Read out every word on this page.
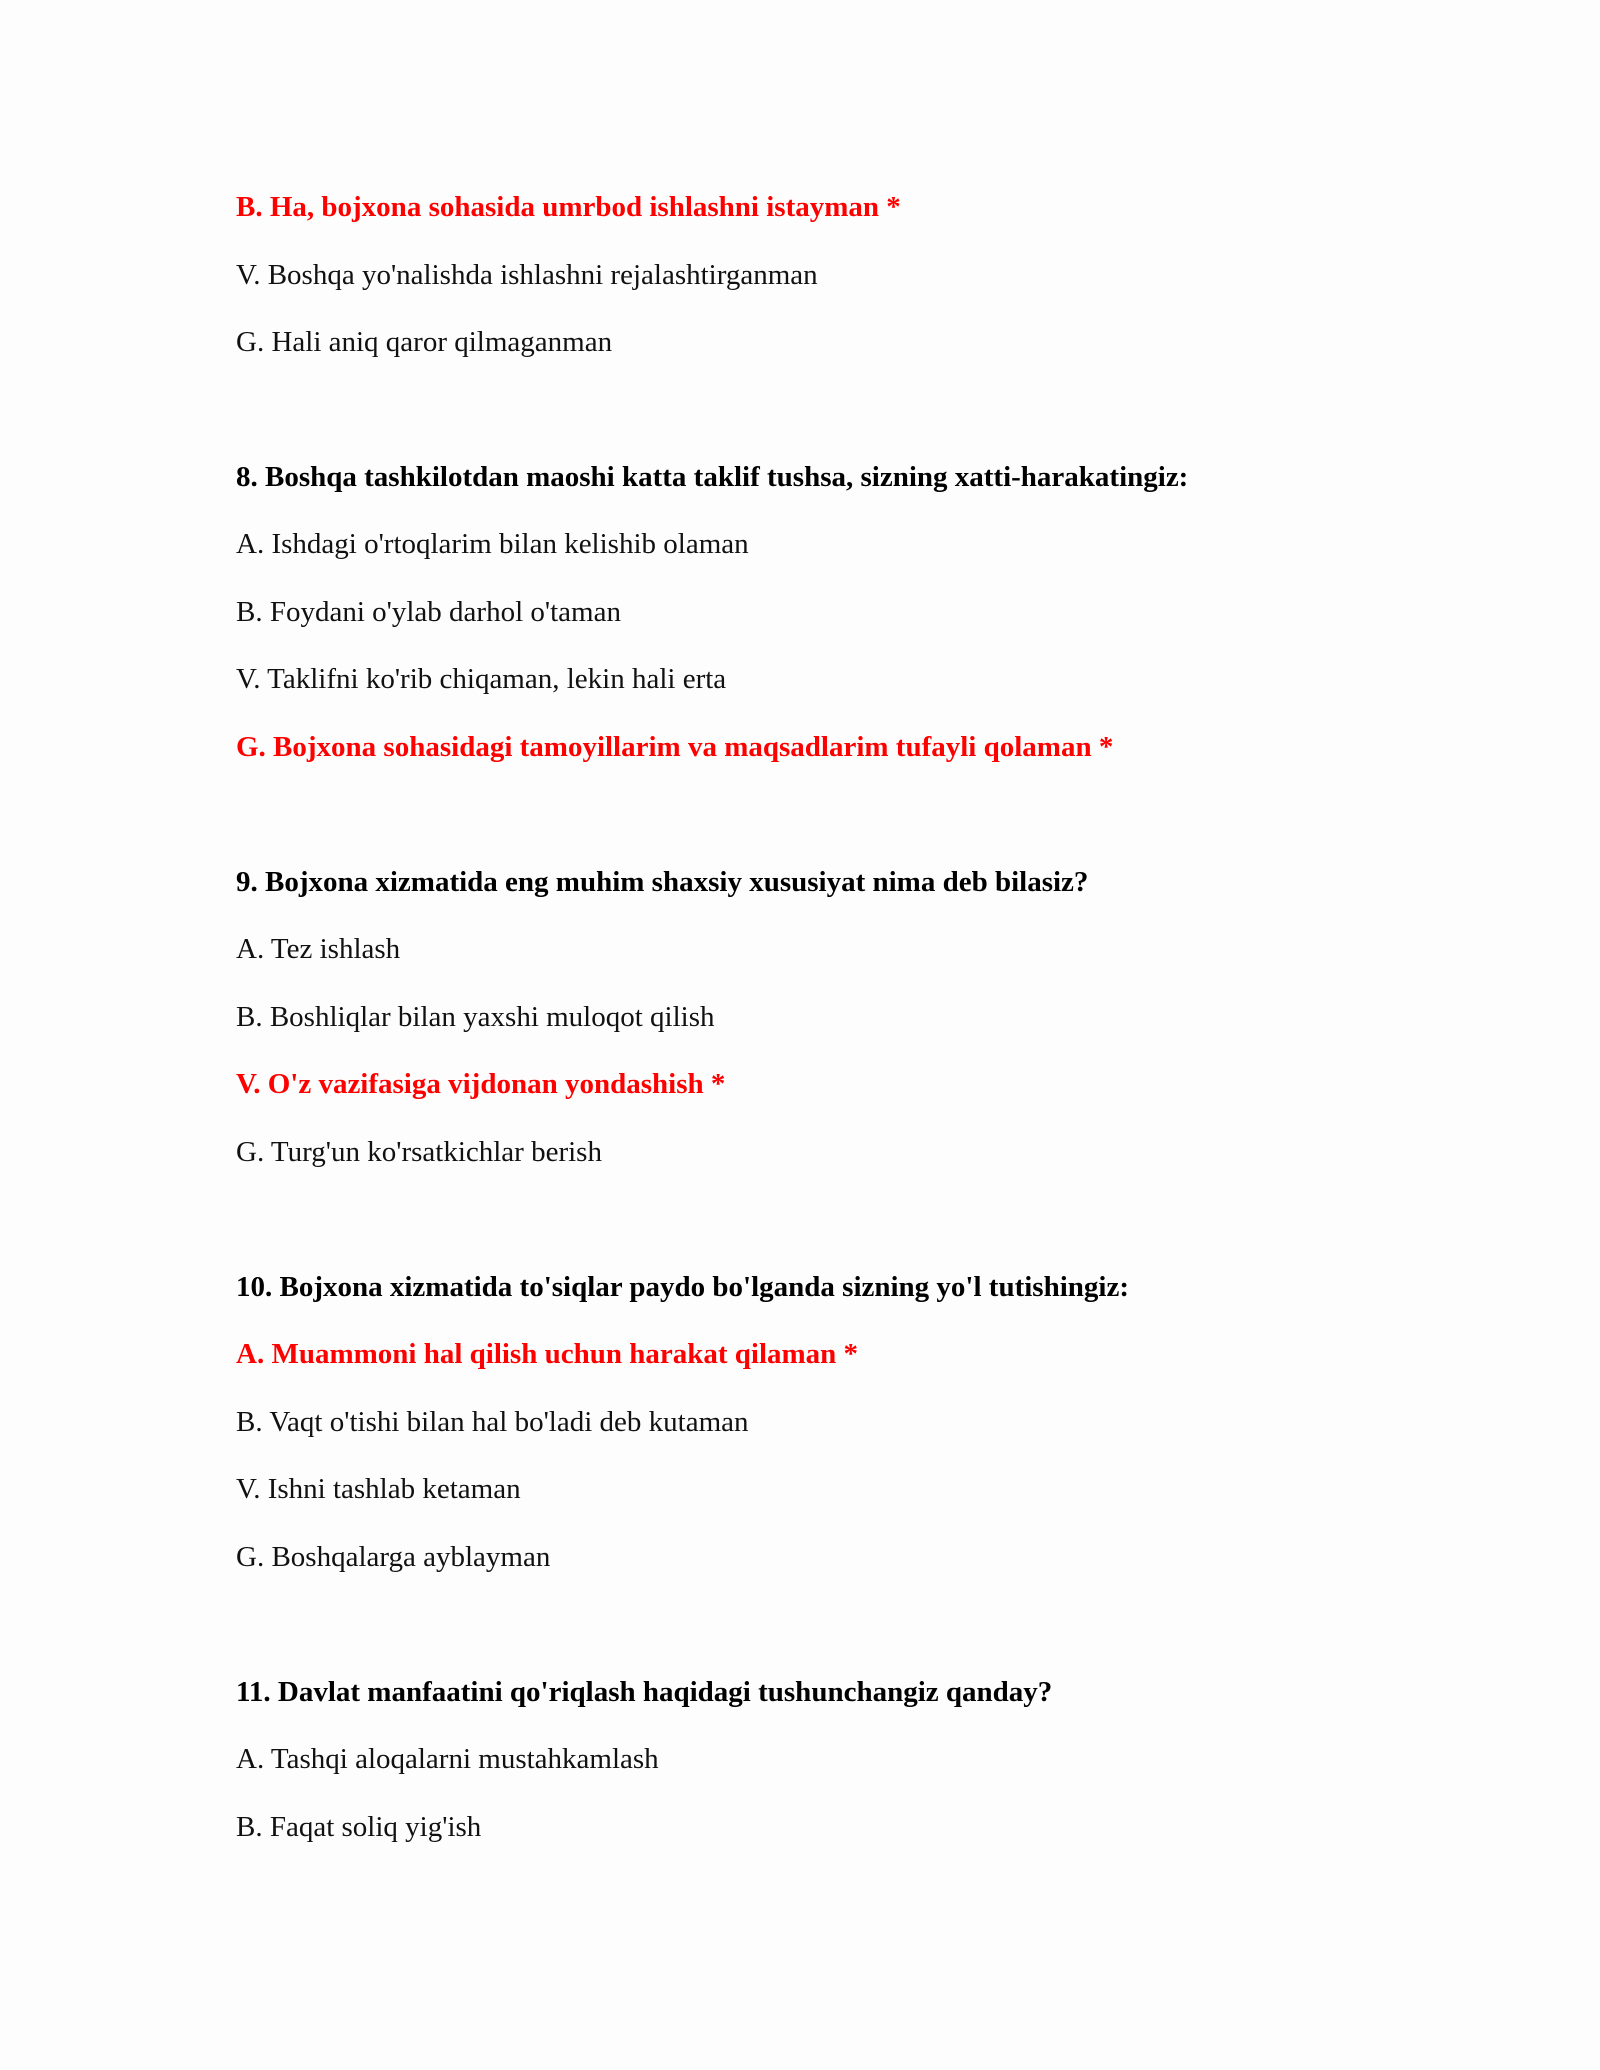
B. Ha, bojxona sohasida umrbod ishlashni istayman *
V. Boshqa yo'nalishda ishlashni rejalashtirganman
G. Hali aniq qaror qilmaganman
8. Boshqa tashkilotdan maoshi katta taklif tushsa, sizning xatti-harakatingiz:
A. Ishdagi o'rtoqlarim bilan kelishib olaman
B. Foydani o'ylab darhol o'taman
V. Taklifni ko'rib chiqaman, lekin hali erta
G. Bojxona sohasidagi tamoyillarim va maqsadlarim tufayli qolaman *
9. Bojxona xizmatida eng muhim shaxsiy xususiyat nima deb bilasiz?
A. Tez ishlash
B. Boshliqlar bilan yaxshi muloqot qilish
V. O'z vazifasiga vijdonan yondashish *
G. Turg'un ko'rsatkichlar berish
10. Bojxona xizmatida to'siqlar paydo bo'lganda sizning yo'l tutishingiz:
A. Muammoni hal qilish uchun harakat qilaman *
B. Vaqt o'tishi bilan hal bo'ladi deb kutaman
V. Ishni tashlab ketaman
G. Boshqalarga ayblayman
11. Davlat manfaatini qo'riqlash haqidagi tushunchangiz qanday?
A. Tashqi aloqalarni mustahkamlash
B. Faqat soliq yig'ish
